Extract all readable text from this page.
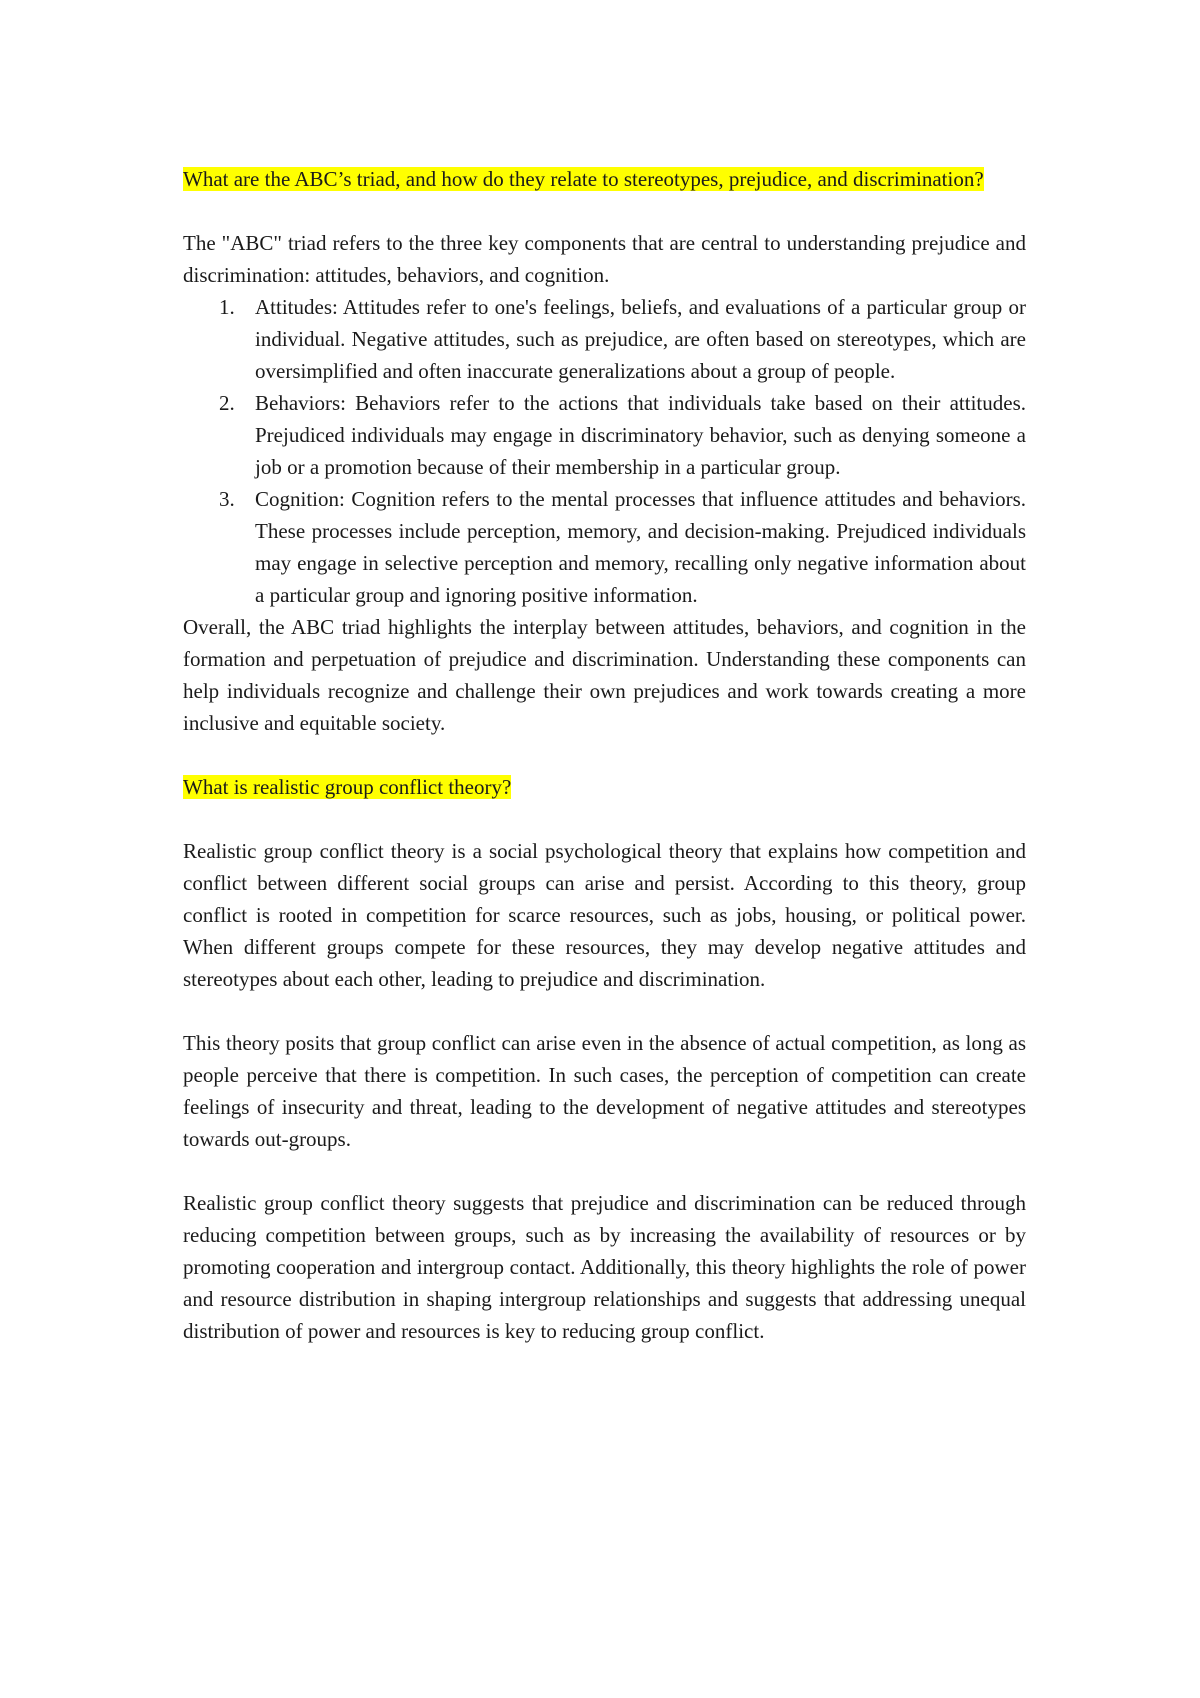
What are the ABC’s triad, and how do they relate to stereotypes, prejudice, and discrimination?

The "ABC" triad refers to the three key components that are central to understanding prejudice and discrimination: attitudes, behaviors, and cognition.

1. Attitudes: Attitudes refer to one's feelings, beliefs, and evaluations of a particular group or individual. Negative attitudes, such as prejudice, are often based on stereotypes, which are oversimplified and often inaccurate generalizations about a group of people.
2. Behaviors: Behaviors refer to the actions that individuals take based on their attitudes. Prejudiced individuals may engage in discriminatory behavior, such as denying someone a job or a promotion because of their membership in a particular group.
3. Cognition: Cognition refers to the mental processes that influence attitudes and behaviors. These processes include perception, memory, and decision-making. Prejudiced individuals may engage in selective perception and memory, recalling only negative information about a particular group and ignoring positive information.

Overall, the ABC triad highlights the interplay between attitudes, behaviors, and cognition in the formation and perpetuation of prejudice and discrimination. Understanding these components can help individuals recognize and challenge their own prejudices and work towards creating a more inclusive and equitable society.

What is realistic group conflict theory?

Realistic group conflict theory is a social psychological theory that explains how competition and conflict between different social groups can arise and persist. According to this theory, group conflict is rooted in competition for scarce resources, such as jobs, housing, or political power. When different groups compete for these resources, they may develop negative attitudes and stereotypes about each other, leading to prejudice and discrimination.

This theory posits that group conflict can arise even in the absence of actual competition, as long as people perceive that there is competition. In such cases, the perception of competition can create feelings of insecurity and threat, leading to the development of negative attitudes and stereotypes towards out-groups.

Realistic group conflict theory suggests that prejudice and discrimination can be reduced through reducing competition between groups, such as by increasing the availability of resources or by promoting cooperation and intergroup contact. Additionally, this theory highlights the role of power and resource distribution in shaping intergroup relationships and suggests that addressing unequal distribution of power and resources is key to reducing group conflict.
